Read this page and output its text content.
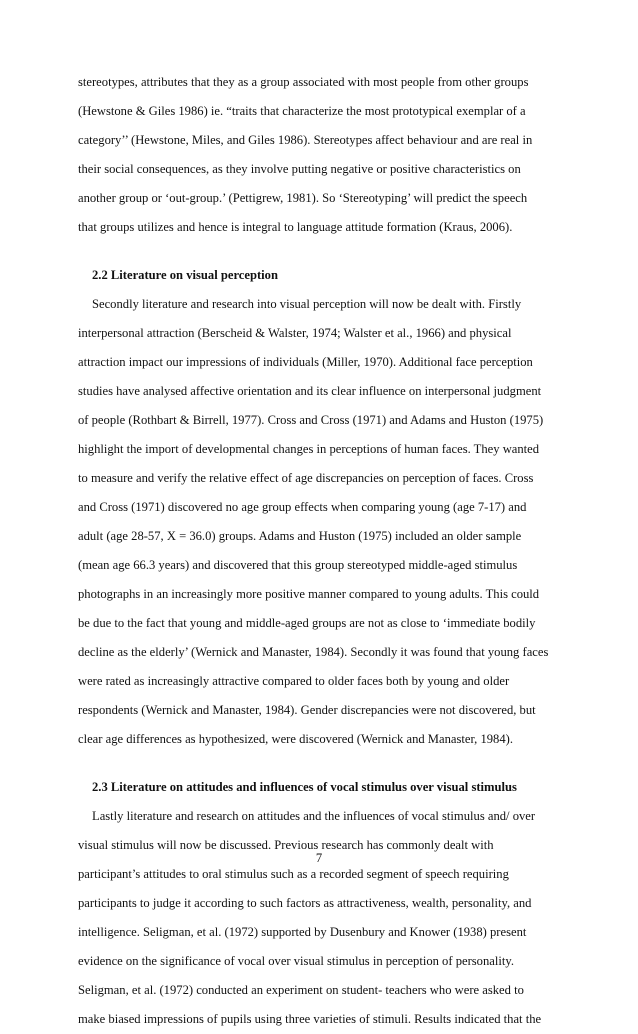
stereotypes, attributes that they as a group associated with most people from other groups
(Hewstone & Giles 1986) ie. “traits that characterize the most prototypical exemplar of a
category’’ (Hewstone, Miles, and Giles 1986). Stereotypes affect behaviour and are real in
their social consequences, as they involve putting negative or positive characteristics on
another group or ‘out-group.’ (Pettigrew, 1981). So ‘Stereotyping’ will predict the speech
that groups utilizes and hence is integral to language attitude formation (Kraus, 2006).
2.2 Literature on visual perception
Secondly literature and research into visual perception will now be dealt with. Firstly
interpersonal attraction (Berscheid & Walster, 1974; Walster et al., 1966) and physical
attraction impact our impressions of individuals (Miller, 1970). Additional face perception
studies have analysed affective orientation and its clear influence on interpersonal judgment
of people (Rothbart & Birrell, 1977). Cross and Cross (1971) and Adams and Huston (1975)
highlight the import of developmental changes in perceptions of human faces. They wanted
to measure and verify the relative effect of age discrepancies on perception of faces. Cross
and Cross (1971) discovered no age group effects when comparing young (age 7-17) and
adult (age 28-57, X = 36.0) groups. Adams and Huston (1975) included an older sample
(mean age 66.3 years) and discovered that this group stereotyped middle-aged stimulus
photographs in an increasingly more positive manner compared to young adults. This could
be due to the fact that young and middle-aged groups are not as close to ‘immediate bodily
decline as the elderly’ (Wernick and Manaster, 1984). Secondly it was found that young faces
were rated as increasingly attractive compared to older faces both by young and older
respondents (Wernick and Manaster, 1984). Gender discrepancies were not discovered, but
clear age differences as hypothesized, were discovered (Wernick and Manaster, 1984).
2.3 Literature on attitudes and influences of vocal stimulus over visual stimulus
Lastly literature and research on attitudes and the influences of vocal stimulus and/ over
visual stimulus will now be discussed. Previous research has commonly dealt with
participant’s attitudes to oral stimulus such as a recorded segment of speech requiring
participants to judge it according to such factors as attractiveness, wealth, personality, and
intelligence. Seligman, et al. (1972) supported by Dusenbury and Knower (1938) present
evidence on the significance of vocal over visual stimulus in perception of personality.
Seligman, et al. (1972) conducted an experiment on student- teachers who were asked to
make biased impressions of pupils using three varieties of stimuli. Results indicated that the
7
